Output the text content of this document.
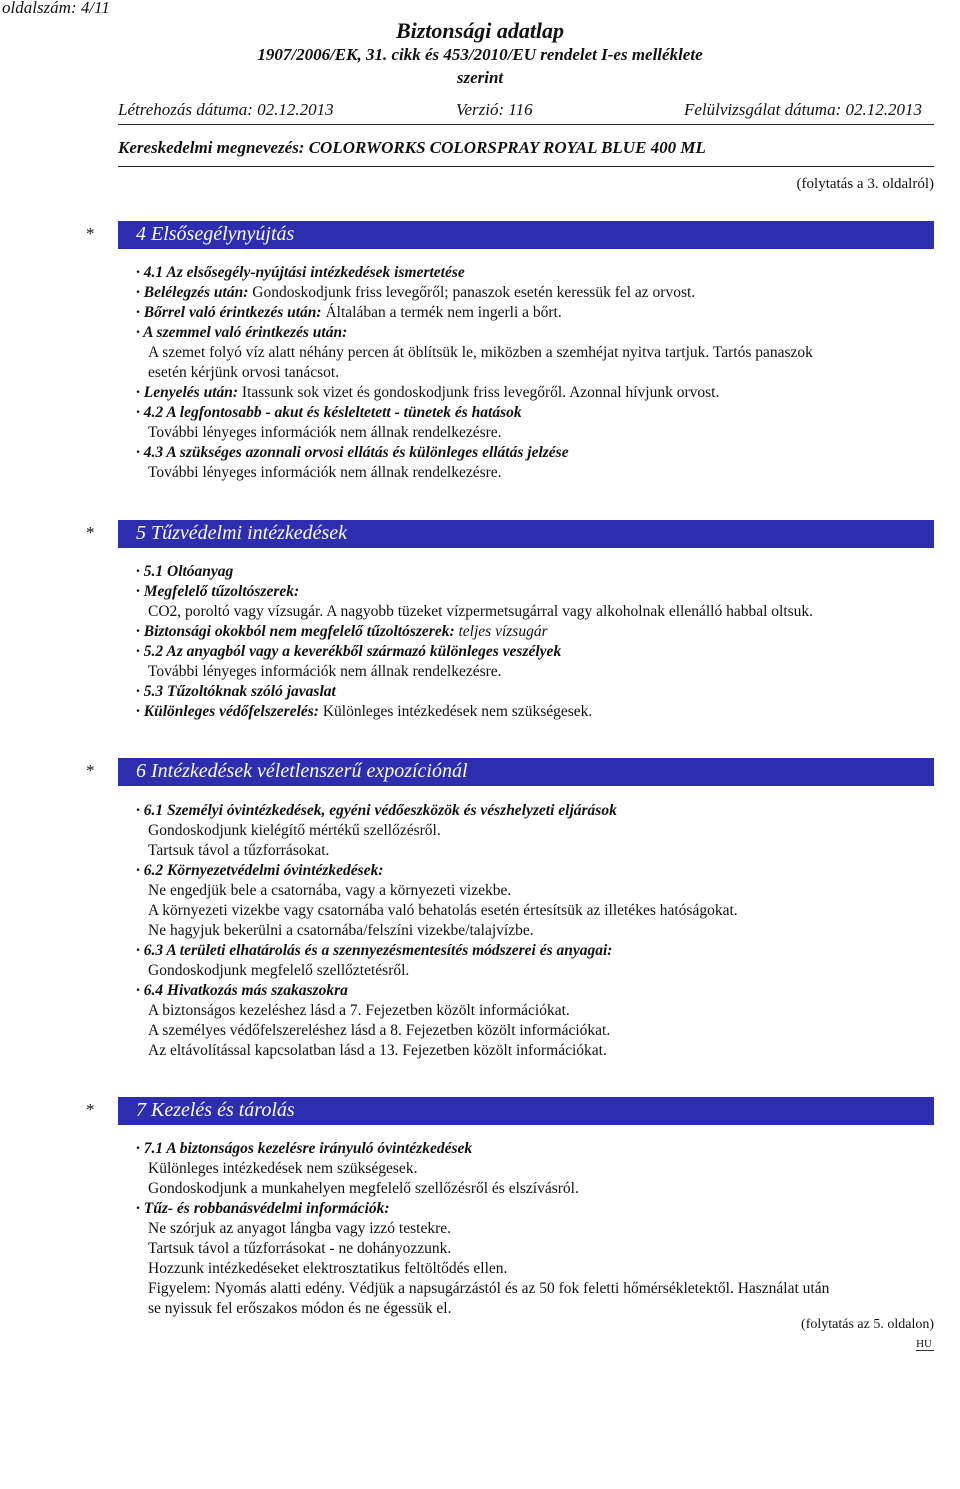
oldalszám: 4/11
Biztonsági adatlap
1907/2006/EK, 31. cikk és 453/2010/EU rendelet I-es melléklete
szerint
Létrehozás dátuma: 02.12.2013	Verzió: 116	Felülvizsgálat dátuma: 02.12.2013
Kereskedelmi megnevezés: COLORWORKS COLORSPRAY ROYAL BLUE 400 ML
(folytatás a 3. oldalról)
* 4 Elsősegélynyújtás
· 4.1 Az elsősegély-nyújtási intézkedések ismertetése
· Belélegzés után: Gondoskodjunk friss levegőről; panaszok esetén keressük fel az orvost.
· Bőrrel való érintkezés után: Általában a termék nem ingerli a bőrt.
· A szemmel való érintkezés után:
A szemet folyó víz alatt néhány percen át öblítsük le, miközben a szemhéjat nyitva tartjuk. Tartós panaszok
esetén kérjünk orvosi tanácsot.
· Lenyelés után: Itassunk sok vizet és gondoskodjunk friss levegőről. Azonnal hívjunk orvost.
· 4.2 A legfontosabb - akut és késleltetett - tünetek és hatások
További lényeges információk nem állnak rendelkezésre.
· 4.3 A szükséges azonnali orvosi ellátás és különleges ellátás jelzése
További lényeges információk nem állnak rendelkezésre.
* 5 Tűzvédelmi intézkedések
· 5.1 Oltóanyag
· Megfelelő tűzoltószerek:
CO2, poroltó vagy vízsugár. A nagyobb tüzeket vízpermetsugárral vagy alkoholnak ellenálló habbal oltsuk.
· Biztonsági okokból nem megfelelő tűzoltószerek: teljes vízsugár
· 5.2 Az anyagból vagy a keverékből származó különleges veszélyek
További lényeges információk nem állnak rendelkezésre.
· 5.3 Tűzoltóknak szóló javaslat
· Különleges védőfelszerelés: Különleges intézkedések nem szükségesek.
* 6 Intézkedések véletlenszerű expozíciónál
· 6.1 Személyi óvintézkedések, egyéni védőeszközök és vészhelyzeti eljárások
Gondoskodjunk kielégítő mértékű szellőzésről.
Tartsuk távol a tűzforrásokat.
· 6.2 Környezetvédelmi óvintézkedések:
Ne engedjük bele a csatornába, vagy a környezeti vizekbe.
A környezeti vizekbe vagy csatornába való behatolás esetén értesítsük az illetékes hatóságokat.
Ne hagyjuk bekerülni a csatornába/felszíni vizekbe/talajvízbe.
· 6.3 A területi elhatárolás és a szennyezésmentesítés módszerei és anyagai:
Gondoskodjunk megfelelő szellőztetésről.
· 6.4 Hivatkozás más szakaszokra
A biztonságos kezeléshez lásd a 7. Fejezetben közölt információkat.
A személyes védőfelszereléshez lásd a 8. Fejezetben közölt információkat.
Az eltávolítással kapcsolatban lásd a 13. Fejezetben közölt információkat.
* 7 Kezelés és tárolás
· 7.1 A biztonságos kezelésre irányuló óvintézkedések
Különleges intézkedések nem szükségesek.
Gondoskodjunk a munkahelyen megfelelő szellőzésről és elszívásról.
· Tűz- és robbanásvédelmi információk:
Ne szórjuk az anyagot lángba vagy izzó testekre.
Tartsuk távol a tűzforrásokat - ne dohányozzunk.
Hozzunk intézkedéseket elektrosztatikus feltöltődés ellen.
Figyelem: Nyomás alatti edény. Védjük a napsugárzástól és az 50 fok feletti hőmérsékletektől. Használat után
se nyissuk fel erőszakos módon és ne égessük el.
(folytatás az 5. oldalon)
HU
